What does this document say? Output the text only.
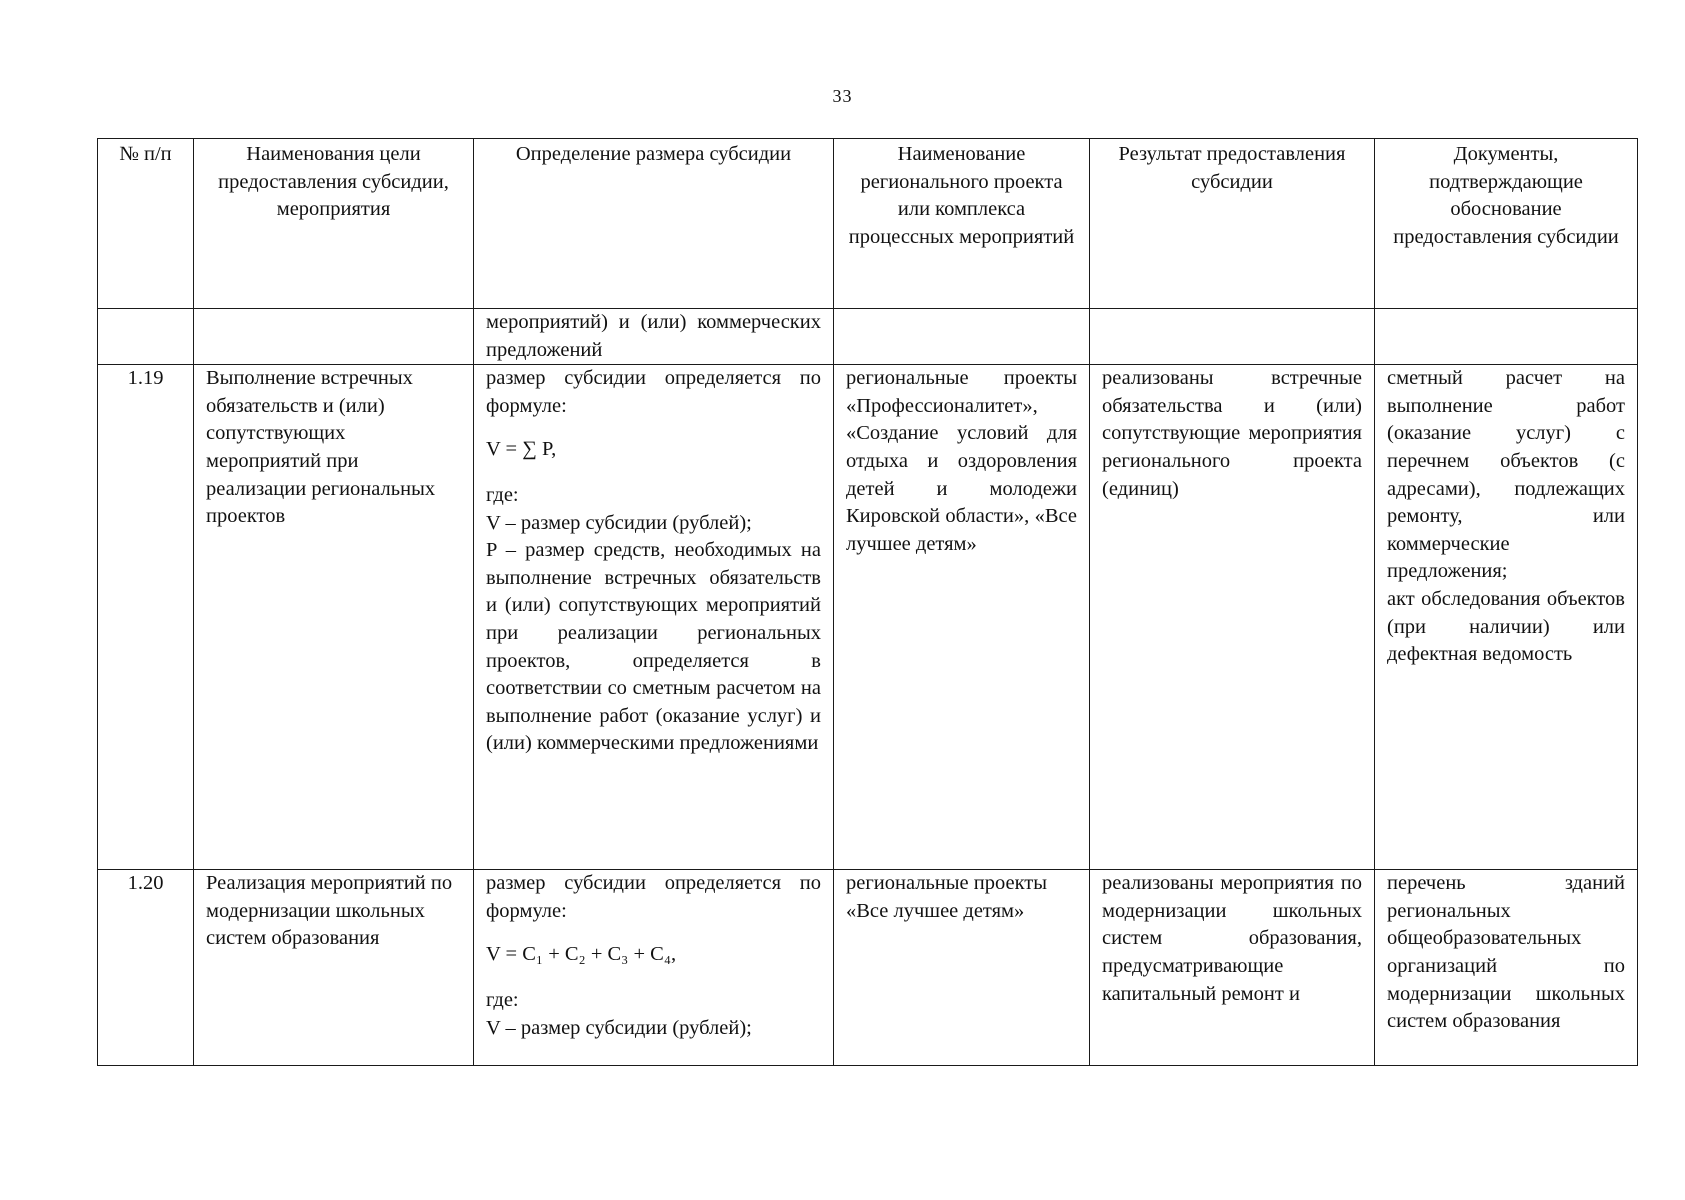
33
№ п/п	Наименования цели предоставления субсидии, мероприятия	Определение размера субсидии	Наименование регионального проекта или комплекса процессных мероприятий	Результат предоставления субсидии	Документы, подтверждающие обоснование предоставления субсидии
		мероприятий) и (или) коммерческих предложений			
1.19	Выполнение встречных обязательств и (или) сопутствующих мероприятий при реализации региональных проектов	размер субсидии определяется по формуле:
V = ∑ P,
где:
V – размер субсидии (рублей);
P – размер средств, необходимых на выполнение встречных обязательств и (или) сопутствующих мероприятий при реализации региональных проектов, определяется в соответствии со сметным расчетом на выполнение работ (оказание услуг) и (или) коммерческими предложениями	региональные проекты «Профессионалитет», «Создание условий для отдыха и оздоровления детей и молодежи Кировской области», «Все лучшее детям»	реализованы встречные обязательства и (или) сопутствующие мероприятия регионального проекта (единиц)	сметный расчет на выполнение работ (оказание услуг) с перечнем объектов (с адресами), подлежащих ремонту, или коммерческие предложения;
акт обследования объектов (при наличии) или дефектная ведомость

1.20	Реализация мероприятий по модернизации школьных систем образования	размер субсидии определяется по формуле:
V = C₁ + C₂ + C₃ + C₄,
где:
V – размер субсидии (рублей);	региональные проекты «Все лучшее детям»	реализованы мероприятия по модернизации школьных систем образования, предусматривающие капитальный ремонт и	перечень зданий региональных общеобразовательных организаций по модернизации школьных систем образования
